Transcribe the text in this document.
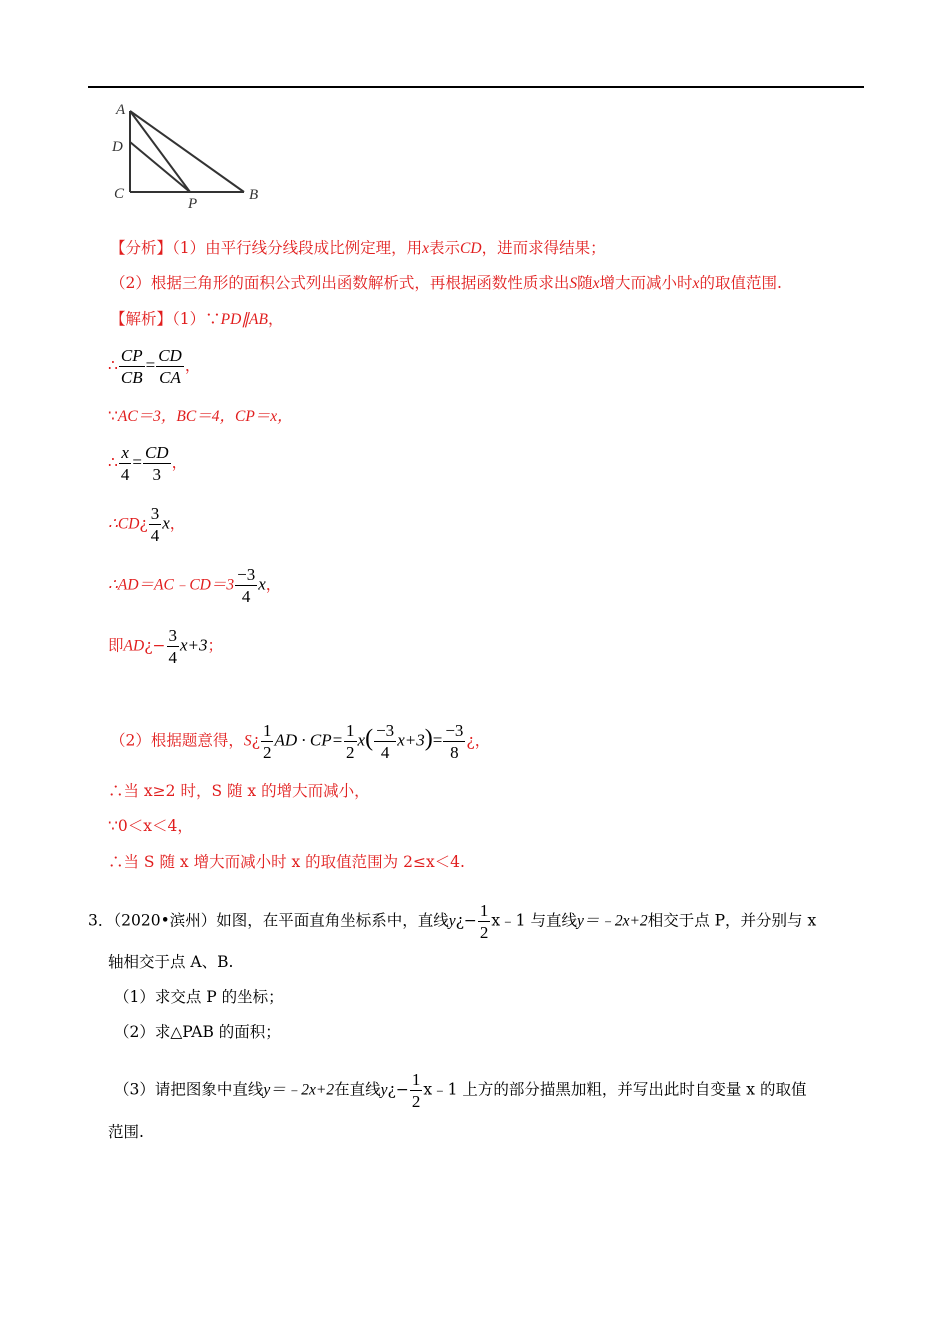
A
D
C
P
B
【分析】（1）由平行线分线段成比例定理，用x表示CD，进而求得结果；
（2）根据三角形的面积公式列出函数解析式，再根据函数性质求出S随x增大而减小时x的取值范围.
【解析】（1）∵PD∥AB，
∴ $\frac{CP}{CB} = \frac{CD}{CA}$ ，
∵AC＝3，BC＝4，CP＝x，
∴ $\frac{x}{4} = \frac{CD}{3}$ ，
∴CD¿ $\frac{3}{4}$ x，
∴AD＝AC﹣CD＝3 $\frac{-3}{4}$ x，
即AD¿− $\frac{3}{4} x+3$；
（2）根据题意得，S¿ $\frac{1}{2}$ AD · $CP= \frac{1}{2} x( \frac{-3}{4} x+3)= \frac{-3}{8}$ ¿，
∴当 x≥2 时，S 随 x 的增大而减小，
∵0＜x＜4，
∴当 S 随 x 增大而减小时 x 的取值范围为 2≤x＜4.
3．（2020•滨州）如图，在平面直角坐标系中，直线y¿− $\frac{1}{2}$ x﹣1 与直线y＝﹣2x+2相交于点 P，并分别与 x
轴相交于点 A、B.
（1）求交点 P 的坐标；
（2）求△PAB 的面积；
（3）请把图象中直线y＝﹣2x+2在直线y¿− $\frac{1}{2}$ x﹣1 上方的部分描黑加粗，并写出此时自变量 x 的取值
范围.
